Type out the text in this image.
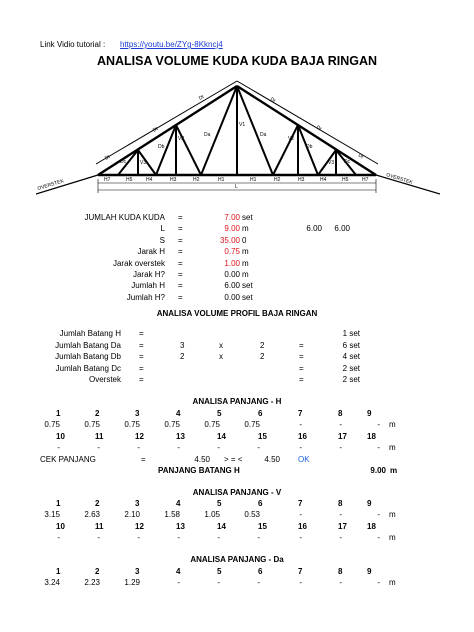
Link Vidio tutorial : https://youtu.be/ZYg-8Kkncj4
ANALISA VOLUME KUDA KUDA BAJA RINGAN
OVERSTEK	OVERSTEK
L
Dt
Dt
Dt	Dt
Dt
Dt
Dc
Db
Da
V2
V1
V2
Da
Db
Dc
V3	V3
H7	H5	H4	H3	H2	H1	H1	H2	H3	H4	H5	H7
JUMLAH KUDA KUDA =	7.00 set
L =	9.00 m	6.00	6.00
S =	35.00 0
Jarak H =	0.75 m
Jarak overstek =	1.00 m
Jarak H? =	0.00 m
Jumlah H =	6.00 set
Jumlah H? =	0.00 set
ANALISA VOLUME PROFIL BAJA RINGAN
Jumlah Batang H =	1 set
Jumlah Batang Da =	3	x	2	=	6 set
Jumlah Batang Db =	2	x	2	=	4 set
Jumlah Batang Dc =	=	2 set
Overstek =	=	2 set
ANALISA PANJANG - H
1	2	3	4	5	6	7	8	9
0.75	0.75	0.75	0.75	0.75	0.75	-	-	-
10	11	12	13	14	15	16	17	18
-	-	-	-	-	-	-	-	-
m
m
CEK PANJANG	=	4.50 > = <	4.50 OK
PANJANG BATANG H	9.00 m
ANALISA PANJANG - V
1	2	3	4	5	6	7	8	9
3.15	2.63	2.10	1.58	1.05	0.53	-	-	-
10	11	12	13	14	15	16	17	18
-	-	-	-	-	-	-	-	-
m
m
ANALISA PANJANG - Da
1	2	3	4	5	6	7	8	9
3.24	2.23	1.29	-	-	-	-	-	- m
